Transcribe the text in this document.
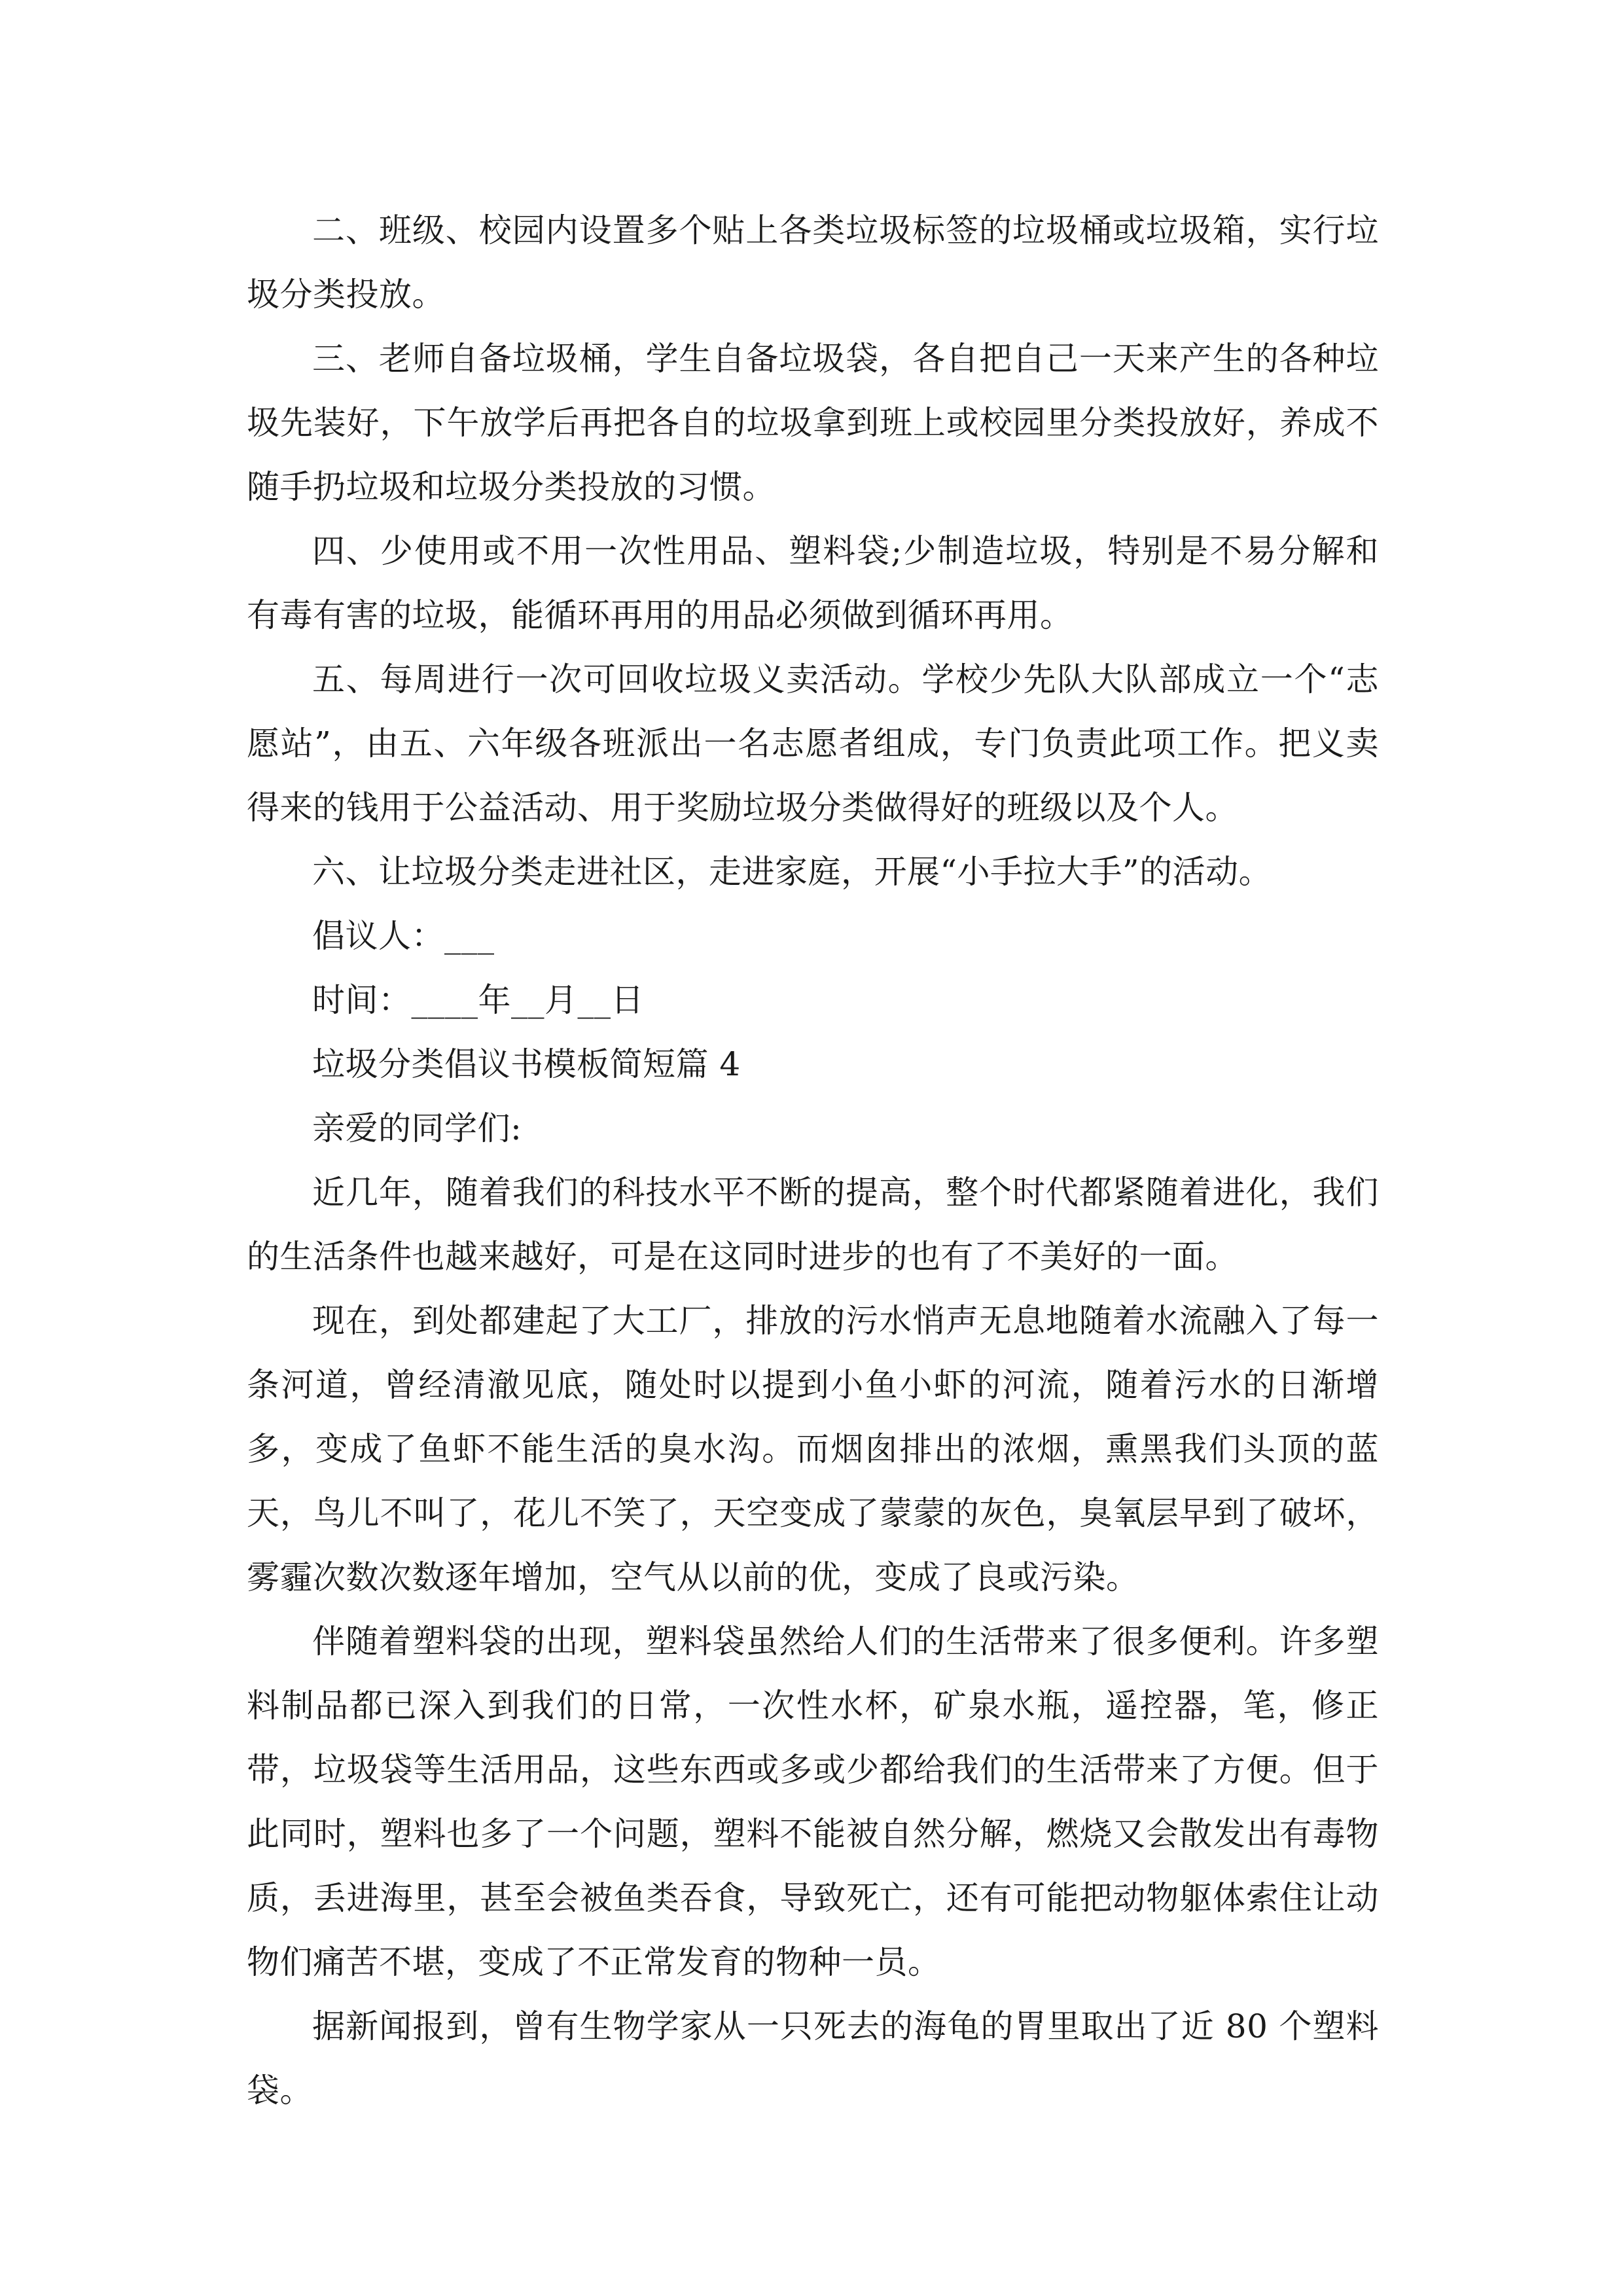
二、班级、校园内设置多个贴上各类垃圾标签的垃圾桶或垃圾箱，实行垃圾分类投放。

三、老师自备垃圾桶，学生自备垃圾袋，各自把自己一天来产生的各种垃圾先装好，下午放学后再把各自的垃圾拿到班上或校园里分类投放好，养成不随手扔垃圾和垃圾分类投放的习惯。

四、少使用或不用一次性用品、塑料袋;少制造垃圾，特别是不易分解和有毒有害的垃圾，能循环再用的用品必须做到循环再用。

五、每周进行一次可回收垃圾义卖活动。学校少先队大队部成立一个“志愿站”，由五、六年级各班派出一名志愿者组成，专门负责此项工作。把义卖得来的钱用于公益活动、用于奖励垃圾分类做得好的班级以及个人。

六、让垃圾分类走进社区，走进家庭，开展“小手拉大手”的活动。

倡议人：___

时间：____年__月__日

垃圾分类倡议书模板简短篇 4

亲爱的同学们:

近几年，随着我们的科技水平不断的提高，整个时代都紧随着进化，我们的生活条件也越来越好，可是在这同时进步的也有了不美好的一面。

现在，到处都建起了大工厂，排放的污水悄声无息地随着水流融入了每一条河道，曾经清澈见底，随处时以提到小鱼小虾的河流，随着污水的日渐增多，变成了鱼虾不能生活的臭水沟。而烟囱排出的浓烟，熏黑我们头顶的蓝天，鸟儿不叫了，花儿不笑了，天空变成了蒙蒙的灰色，臭氧层早到了破坏，雾霾次数次数逐年增加，空气从以前的优，变成了良或污染。

伴随着塑料袋的出现，塑料袋虽然给人们的生活带来了很多便利。许多塑料制品都已深入到我们的日常，一次性水杯，矿泉水瓶，遥控器，笔，修正带，垃圾袋等生活用品，这些东西或多或少都给我们的生活带来了方便。但于此同时，塑料也多了一个问题，塑料不能被自然分解，燃烧又会散发出有毒物质，丢进海里，甚至会被鱼类吞食，导致死亡，还有可能把动物躯体索住让动物们痛苦不堪，变成了不正常发育的物种一员。

据新闻报到，曾有生物学家从一只死去的海龟的胃里取出了近 80 个塑料袋。
